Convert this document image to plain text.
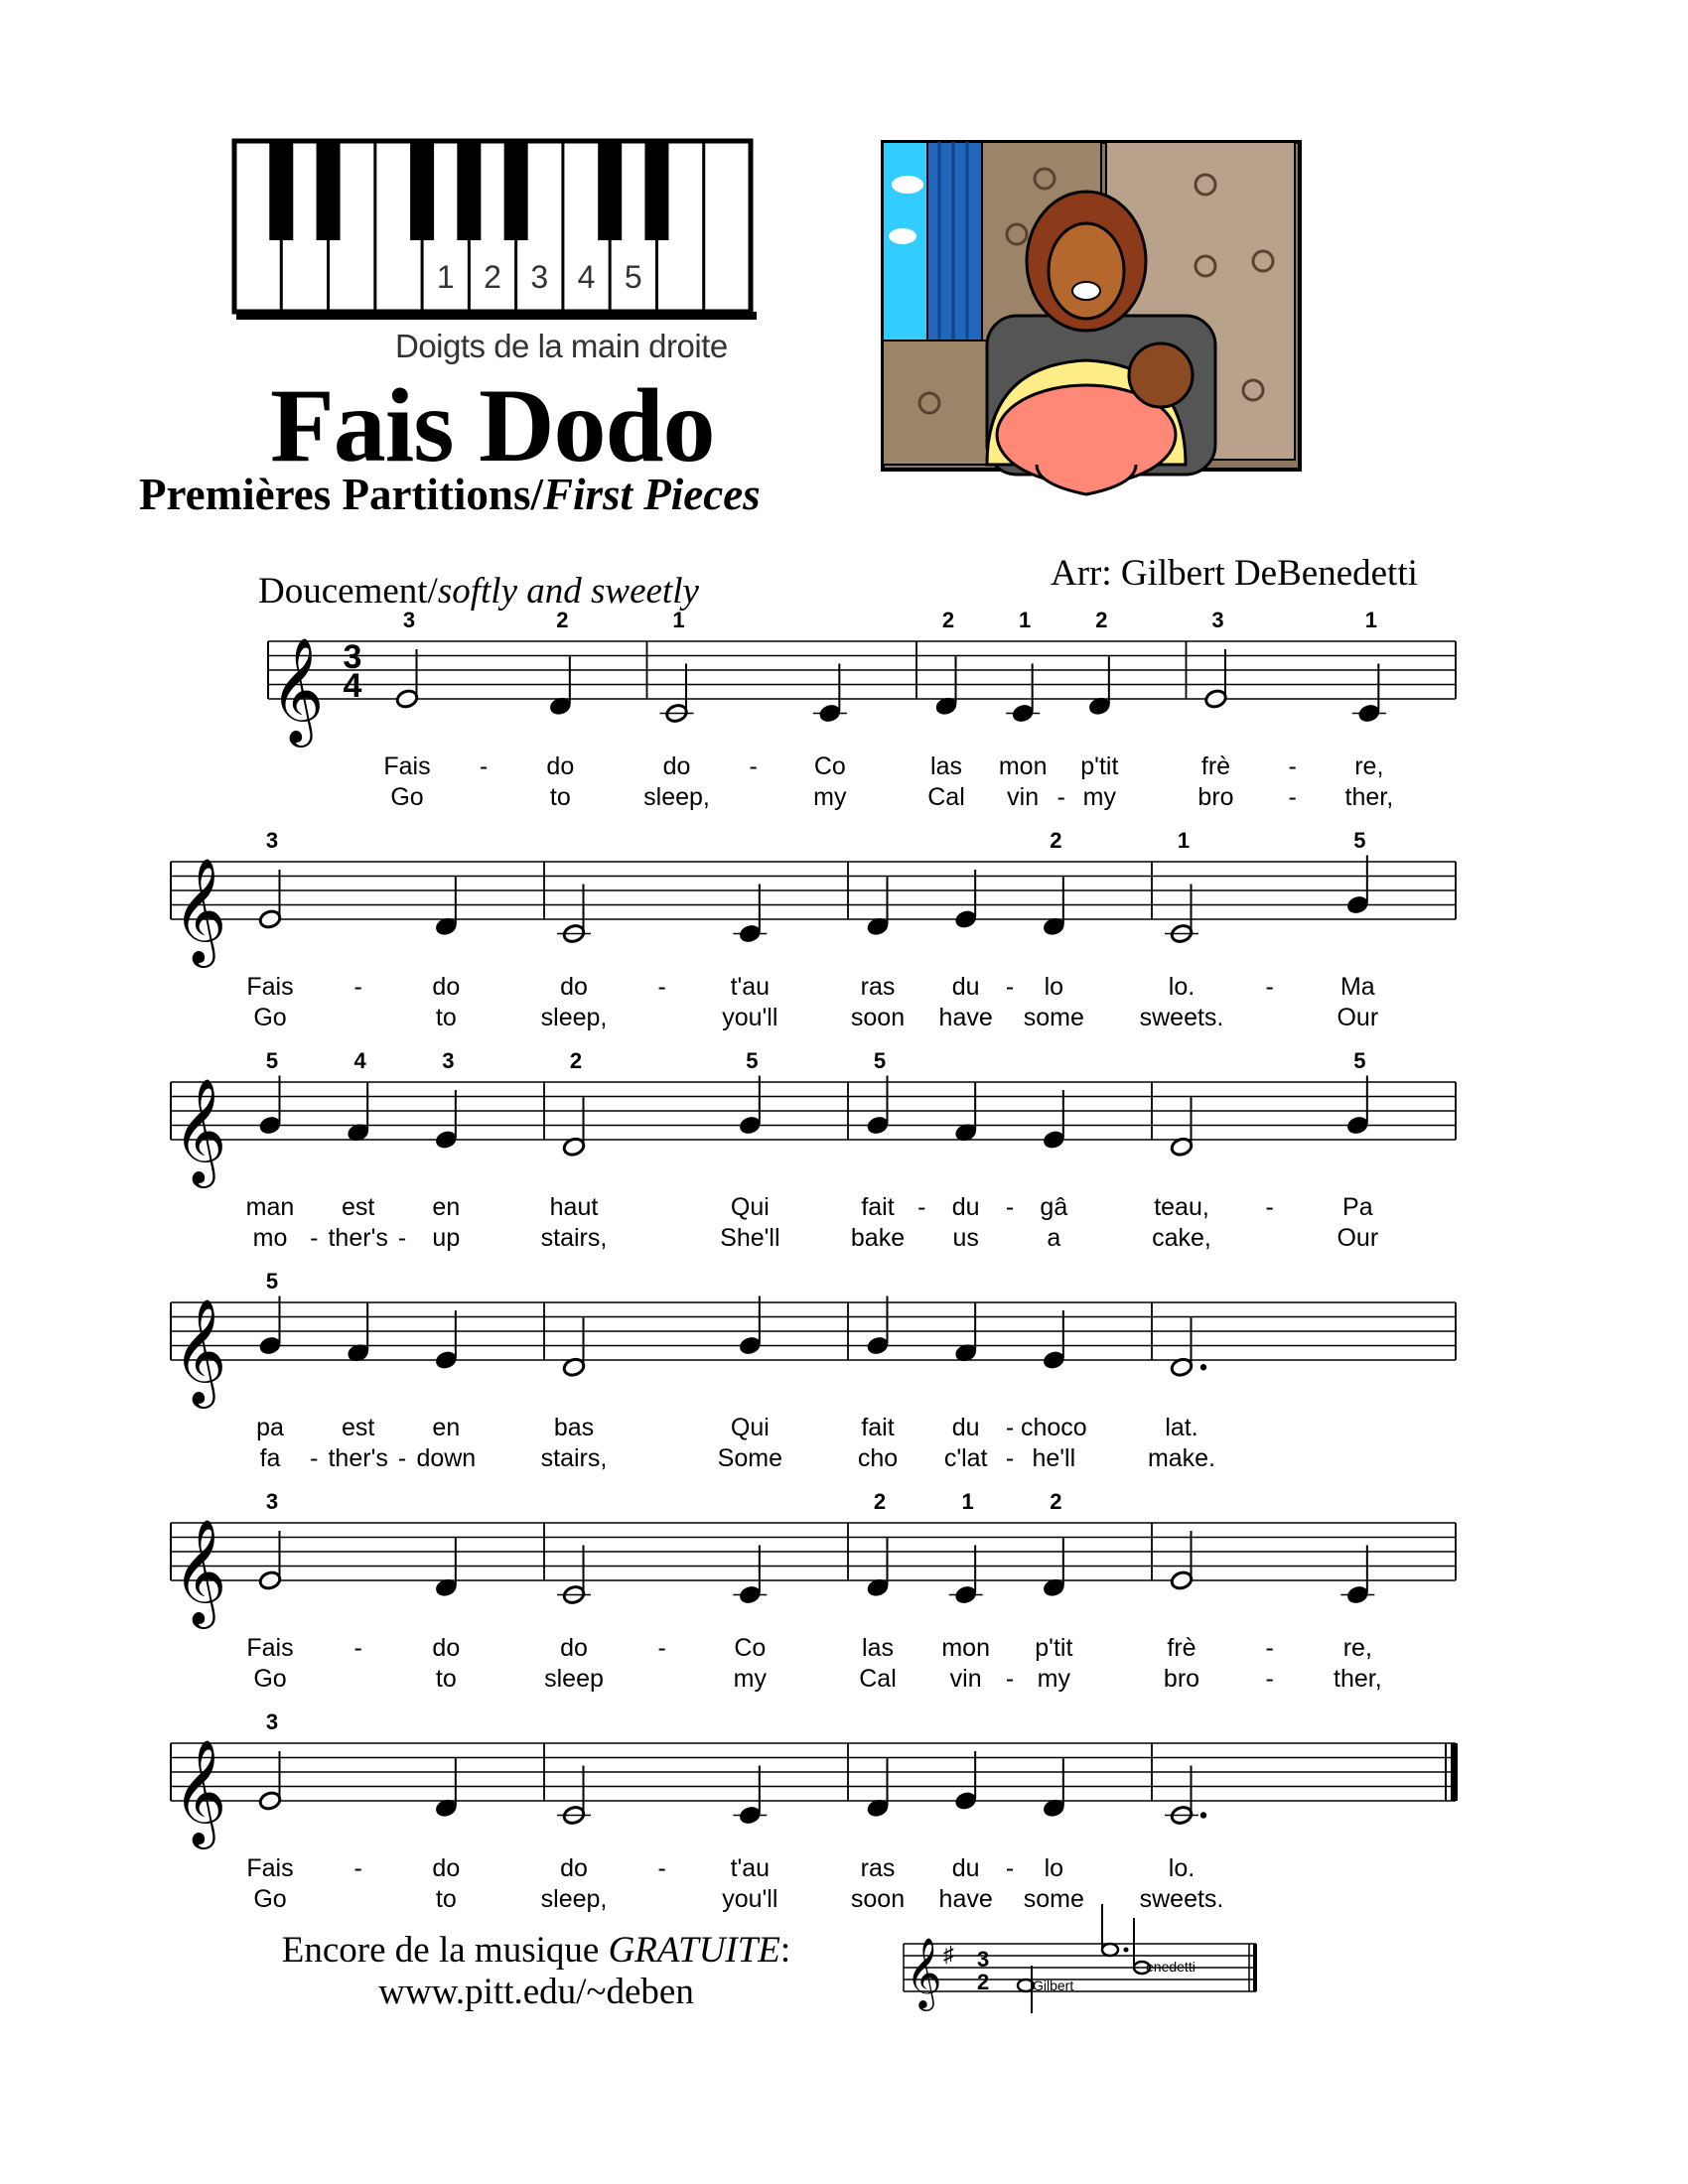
1 2 3 4 5
Doigts de la main droite
Fais Dodo
Premières Partitions/First Pieces
Arr: Gilbert DeBenedetti
Doucement/softly and sweetly
𝄞 3
4
3
Fais
Go
2
do
to
-
1
do
sleep,
Co
my
-
2
las
Cal
1
mon
vin
2
p'tit
my
-
3
frè
bro
1
re,
ther,
-
-
𝄞
3
Fais
Go
do
to
-	do
sleep,
t'au
you'll
-	ras
soon
du
have
2
lo
some
-
1
lo.
sweets.
5
Ma
Our
-
𝄞
5
man
mo
4
est
ther's
3
en
up
-	-
2
haut
stairs,
5
Qui
She'll
5
fait
bake
du
us
gâ
a
-	-	teau,
cake,
5
Pa
Our
-
𝄞
5
pa
fa
est
ther's
en
down
-	-
bas
stairs,
Qui
Some
fait
cho
du
c'lat
choco
he'll
-
-
lat.
make.
𝄞
3
Fais
Go
do
to
-	do
sleep
Co
my
-
2
las
Cal
1
mon
vin
2
p'tit
my
-
frè
bro
re,
ther,
-
-
𝄞
3
Fais
Go
do
to
-	do
sleep,
t'au
you'll
-	ras
soon
du
have
lo
some
-	lo.
sweets.
Encore de la musique GRATUITE:
www.pitt.edu/~deben	𝄞 ♯ 3
2	Gilbert
enedetti
